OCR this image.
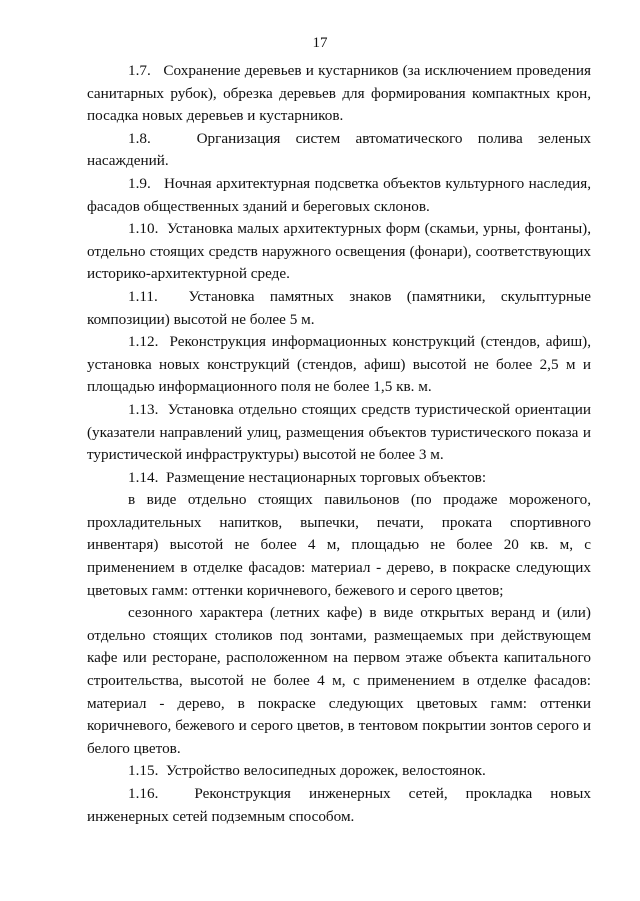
17

1.7.   Сохранение деревьев и кустарников (за исключением проведения санитарных рубок), обрезка деревьев для формирования компактных крон, посадка новых деревьев и кустарников.

1.8.   Организация систем автоматического полива зеленых насаждений.

1.9.   Ночная архитектурная подсветка объектов культурного наследия, фасадов общественных зданий и береговых склонов.

1.10.  Установка малых архитектурных форм (скамьи, урны, фонтаны), отдельно стоящих средств наружного освещения (фонари), соответствующих историко-архитектурной среде.

1.11.  Установка памятных знаков (памятники, скульптурные композиции) высотой не более 5 м.

1.12.  Реконструкция информационных конструкций (стендов, афиш), установка новых конструкций (стендов, афиш) высотой не более 2,5 м и площадью информационного поля не более 1,5 кв. м.

1.13.  Установка отдельно стоящих средств туристической ориентации (указатели направлений улиц, размещения объектов туристического показа и туристической инфраструктуры) высотой не более 3 м.

1.14.  Размещение нестационарных торговых объектов:

в виде отдельно стоящих павильонов (по продаже мороженого, прохладительных напитков, выпечки, печати, проката спортивного инвентаря) высотой не более 4 м, площадью не более 20 кв. м, с применением в отделке фасадов: материал - дерево, в покраске следующих цветовых гамм: оттенки коричневого, бежевого и серого цветов;

сезонного характера (летних кафе) в виде открытых веранд и (или) отдельно стоящих столиков под зонтами, размещаемых при действующем кафе или ресторане, расположенном на первом этаже объекта капитального строительства, высотой не более 4 м, с применением в отделке фасадов: материал - дерево, в покраске следующих цветовых гамм: оттенки коричневого, бежевого и серого цветов, в тентовом покрытии зонтов серого и белого цветов.

1.15.  Устройство велосипедных дорожек, велостоянок.

1.16.  Реконструкция инженерных сетей, прокладка новых инженерных сетей подземным способом.
